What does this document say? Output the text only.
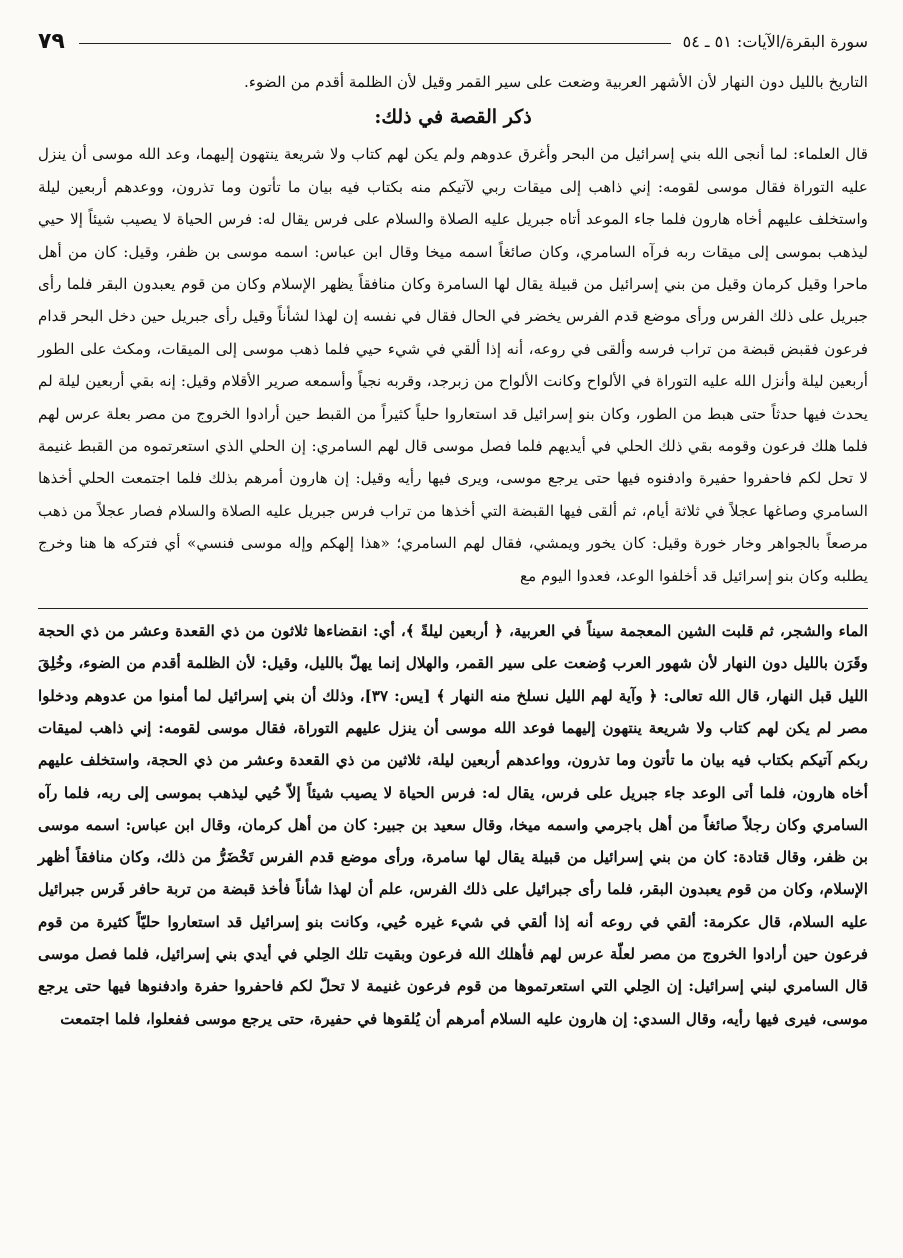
سورة البقرة/الآيات: ٥١ ـ ٥٤
٧٩

التاريخ بالليل دون النهار لأن الأشهر العربية وضعت على سير القمر وقيل لأن الظلمة أقدم من الضوء.

ذكر القصة في ذلك:

قال العلماء: لما أنجى الله بني إسرائيل من البحر وأغرق عدوهم ولم يكن لهم كتاب ولا شريعة ينتهون إليهما، وعد الله موسى أن ينزل عليه التوراة فقال موسى لقومه: إني ذاهب إلى ميقات ربي لآتيكم منه بكتاب فيه بيان ما تأتون وما تذرون، ووعدهم أربعين ليلة واستخلف عليهم أخاه هارون فلما جاء الموعد أتاه جبريل عليه الصلاة والسلام على فرس يقال له: فرس الحياة لا يصيب شيئاً إلا حيي ليذهب بموسى إلى ميقات ربه فرآه السامري، وكان صائغاً اسمه ميخا وقال ابن عباس: اسمه موسى بن ظفر، وقيل: كان من أهل ماحرا وقيل كرمان وقيل من بني إسرائيل من قبيلة يقال لها السامرة وكان منافقاً يظهر الإسلام وكان من قوم يعبدون البقر فلما رأى جبريل على ذلك الفرس ورأى موضع قدم الفرس يخضر في الحال فقال في نفسه إن لهذا لشأناً وقيل رأى جبريل حين دخل البحر قدام فرعون فقبض قبضة من تراب فرسه وألقى في روعه، أنه إذا ألقي في شيء حيي فلما ذهب موسى إلى الميقات، ومكث على الطور أربعين ليلة وأنزل الله عليه التوراة في الألواح وكانت الألواح من زبرجد، وقربه نجياً وأسمعه صرير الأقلام وقيل: إنه بقي أربعين ليلة لم يحدث فيها حدثاً حتى هبط من الطور، وكان بنو إسرائيل قد استعاروا حلياً كثيراً من القبط حين أرادوا الخروج من مصر بعلة عرس لهم فلما هلك فرعون وقومه بقي ذلك الحلي في أيديهم فلما فصل موسى قال لهم السامري: إن الحلي الذي استعرتموه من القبط غنيمة لا تحل لكم فاحفروا حفيرة وادفنوه فيها حتى يرجع موسى، ويرى فيها رأيه وقيل: إن هارون أمرهم بذلك فلما اجتمعت الحلي أخذها السامري وصاغها عجلاً في ثلاثة أيام، ثم ألقى فيها القبضة التي أخذها من تراب فرس جبريل عليه الصلاة والسلام فصار عجلاً من ذهب مرصعاً بالجواهر وخار خورة وقيل: كان يخور ويمشي، فقال لهم السامري؛ «هذا إلهكم وإله موسى فنسي» أي فتركه ها هنا وخرج يطلبه وكان بنو إسرائيل قد أخلفوا الوعد، فعدوا اليوم مع

الماء والشجر، ثم قلبت الشين المعجمة سيناً في العربية، ﴿ أربعين ليلةً ﴾، أي: انقضاءها ثلاثون من ذي القعدة وعشر من ذي الحجة وقَرَن بالليل دون النهار لأن شهور العرب وُضعت على سير القمر، والهلال إنما يهلّ بالليل، وقيل: لأن الظلمة أقدم من الضوء، وخُلِقَ الليل قبل النهار، قال الله تعالى: ﴿ وآية لهم الليل نسلخ منه النهار ﴾ [يس: ٣٧]، وذلك أن بني إسرائيل لما أمنوا من عدوهم ودخلوا مصر لم يكن لهم كتاب ولا شريعة ينتهون إليهما فوعد الله موسى أن ينزل عليهم التوراة، فقال موسى لقومه: إني ذاهب لميقات ربكم آتيكم بكتاب فيه بيان ما تأتون وما تذرون، وواعدهم أربعين ليلة، ثلاثين من ذي القعدة وعشر من ذي الحجة، واستخلف عليهم أخاه هارون، فلما أتى الوعد جاء جبريل على فرس، يقال له: فرس الحياة لا يصيب شيئاً إلاّ حُيي ليذهب بموسى إلى ربه، فلما رآه السامري وكان رجلاً صائغاً من أهل باجرمي واسمه ميخا، وقال سعيد بن جبير: كان من أهل كرمان، وقال ابن عباس: اسمه موسى بن ظفر، وقال قتادة: كان من بني إسرائيل من قبيلة يقال لها سامرة، ورأى موضع قدم الفرس تَخْضَرُّ من ذلك، وكان منافقاً أظهر الإسلام، وكان من قوم يعبدون البقر، فلما رأى جبرائيل على ذلك الفرس، علم أن لهذا شأناً فأخذ قبضة من تربة حافر فَرس جبرائيل عليه السلام، قال عكرمة: ألقي في روعه أنه إذا ألقي في شيء غيره حُيي، وكانت بنو إسرائيل قد استعاروا حليّاً كثيرة من قوم فرعون حين أرادوا الخروج من مصر لعلّة عرس لهم فأهلك الله فرعون وبقيت تلك الحِلي في أيدي بني إسرائيل، فلما فصل موسى قال السامري لبني إسرائيل: إن الحِلي التي استعرتموها من قوم فرعون غنيمة لا تحلّ لكم فاحفروا حفرة وادفنوها فيها حتى يرجع موسى، فيرى فيها رأيه، وقال السدي: إن هارون عليه السلام أمرهم أن يُلقوها في حفيرة، حتى يرجع موسى ففعلوا، فلما اجتمعت
